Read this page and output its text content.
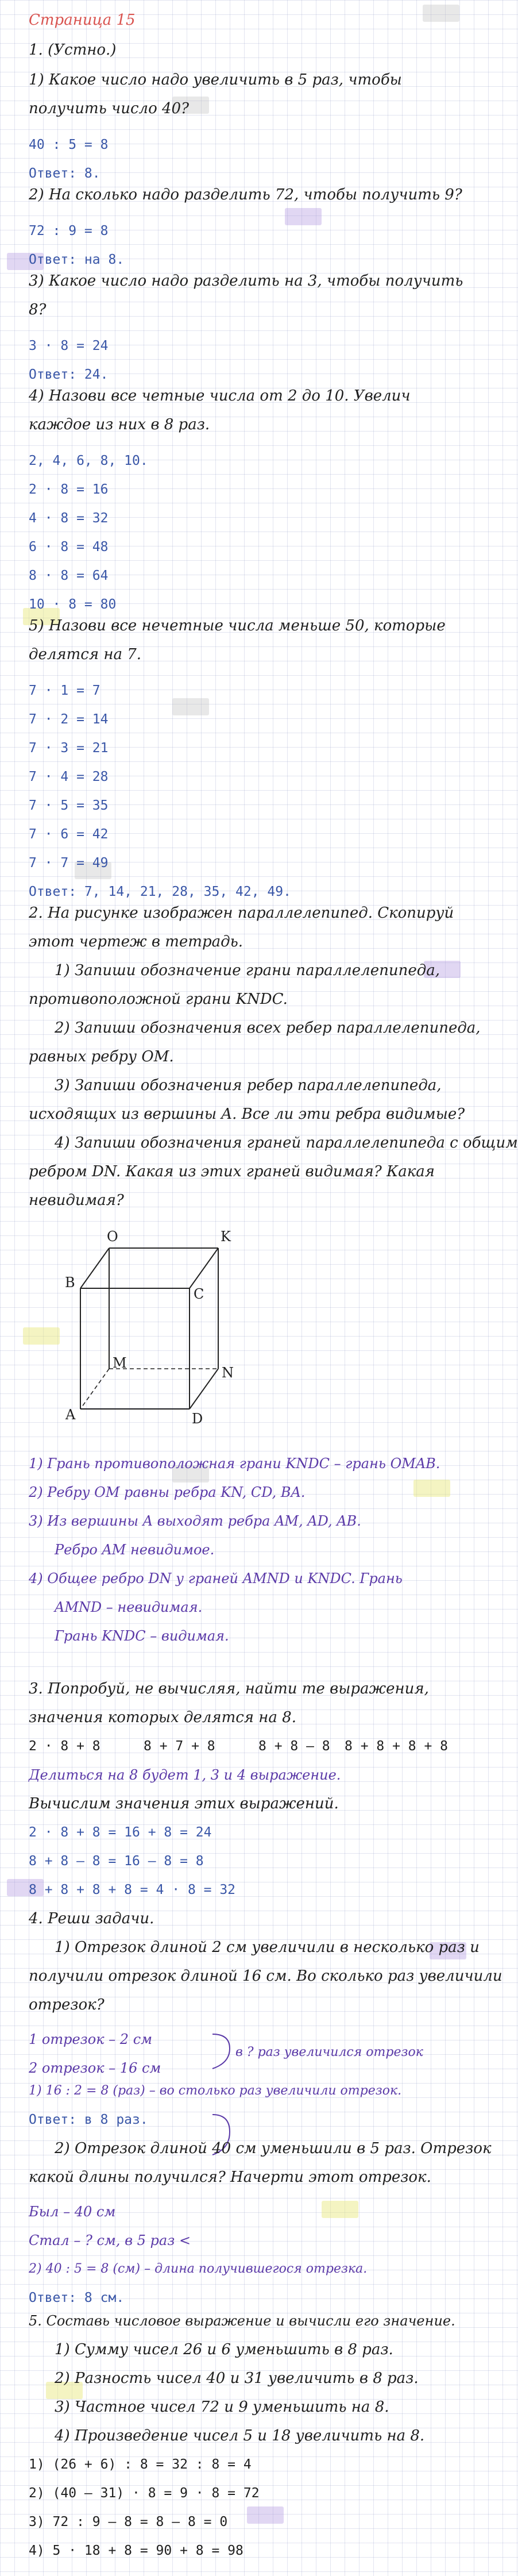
Страница 15
1. (Устно.)
1) Какое число надо увеличить в 5 раз, чтобы
получить число 40?
40 : 5 = 8
Ответ: 8.
2) На сколько надо разделить 72, чтобы получить 9?
72 : 9 = 8
Ответ: на 8.
3) Какое число надо разделить на 3, чтобы получить
8?
3 · 8 = 24
Ответ: 24.
4) Назови все четные числа от 2 до 10. Увелич
каждое из них в 8 раз.
2, 4, 6, 8, 10.
2 · 8 = 16
4 · 8 = 32
6 · 8 = 48
8 · 8 = 64
10 · 8 = 80
5) Назови все нечетные числа меньше 50, которые
делятся на 7.
7 · 1 = 7
7 · 2 = 14
7 · 3 = 21
7 · 4 = 28
7 · 5 = 35
7 · 6 = 42
7 · 7 = 49
Ответ: 7, 14, 21, 28, 35, 42, 49.
2. На рисунке изображен параллелепипед. Скопируй
этот чертеж в тетрадь.
1) Запиши обозначение грани параллелепипеда,
противоположной грани KNDC.
2) Запиши обозначения всех ребер параллелепипеда,
равных ребру OM.
3) Запиши обозначения ребер параллелепипеда,
исходящих из вершины A. Все ли эти ребра видимые?
4) Запиши обозначения граней параллелепипеда с общим
ребром DN. Какая из этих граней видимая? Какая
невидимая?
O	K
B
C
M
N
A	D
1) Грань противоположная грани KNDC – грань OMAB.
2) Ребру OM равны ребра KN, CD, BA.
3) Из вершины A выходят ребра AM, AD, AB.
Ребро AM невидимое.
4) Общее ребро DN у граней AMND и KNDC. Грань
AMND – невидимая.
Грань KNDC – видимая.
3. Попробуй, не вычисляя, найти те выражения,
значения которых делятся на 8.
2 · 8 + 8	8 + 7 + 8	8 + 8 – 8 8 + 8 + 8 + 8
Делиться на 8 будет 1, 3 и 4 выражение.
Вычислим значения этих выражений.
2 · 8 + 8 = 16 + 8 = 24
8 + 8 – 8 = 16 – 8 = 8
8 + 8 + 8 + 8 = 4 · 8 = 32
4. Реши задачи.
1) Отрезок длиной 2 см увеличили в несколько раз и
получили отрезок длиной 16 см. Во сколько раз увеличили
отрезок?
1 отрезок – 2 см
2 отрезок – 16 см
в ? раз увеличился отрезок
1) 16 : 2 = 8 (раз) – во столько раз увеличили отрезок.
Ответ: в 8 раз.
2) Отрезок длиной 40 см уменьшили в 5 раз. Отрезок
какой длины получился? Начерти этот отрезок.
Был – 40 см
Стал – ? см, в 5 раз <
2) 40 : 5 = 8 (см) – длина получившегося отрезка.
Ответ: 8 см.
5. Составь числовое выражение и вычисли его значение.
1) Сумму чисел 26 и 6 уменьшить в 8 раз.
2) Разность чисел 40 и 31 увеличить в 8 раз.
3) Частное чисел 72 и 9 уменьшить на 8.
4) Произведение чисел 5 и 18 увеличить на 8.
1) (26 + 6) : 8 = 32 : 8 = 4
2) (40 – 31) · 8 = 9 · 8 = 72
3) 72 : 9 – 8 = 8 – 8 = 0
4) 5 · 18 + 8 = 90 + 8 = 98
